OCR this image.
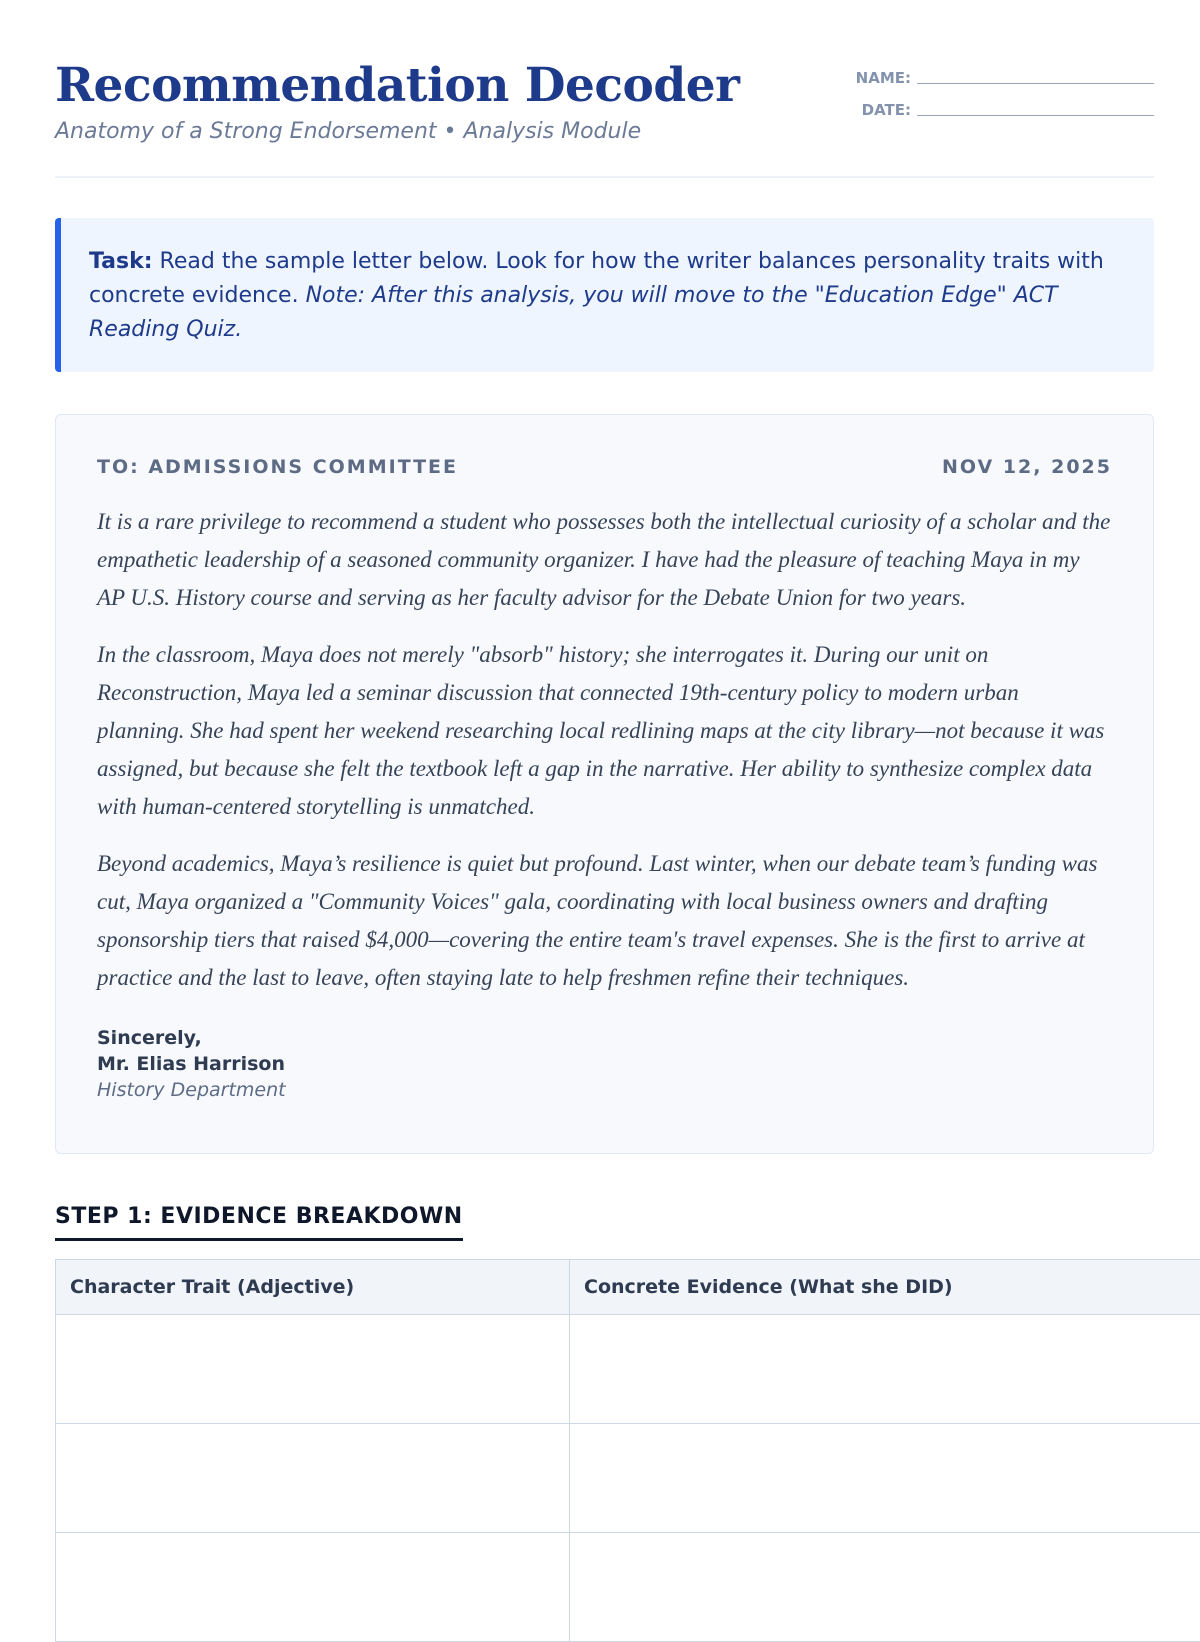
Recommendation Decoder
Anatomy of a Strong Endorsement • Analysis Module
NAME:
DATE:
Task: Read the sample letter below. Look for how the writer balances personality traits with concrete evidence. Note: After this analysis, you will move to the "Education Edge" ACT Reading Quiz.
TO: ADMISSIONS COMMITTEE	NOV 12, 2025

It is a rare privilege to recommend a student who possesses both the intellectual curiosity of a scholar and the empathetic leadership of a seasoned community organizer. I have had the pleasure of teaching Maya in my AP U.S. History course and serving as her faculty advisor for the Debate Union for two years.

In the classroom, Maya does not merely "absorb" history; she interrogates it. During our unit on Reconstruction, Maya led a seminar discussion that connected 19th-century policy to modern urban planning. She had spent her weekend researching local redlining maps at the city library—not because it was assigned, but because she felt the textbook left a gap in the narrative. Her ability to synthesize complex data with human-centered storytelling is unmatched.

Beyond academics, Maya’s resilience is quiet but profound. Last winter, when our debate team’s funding was cut, Maya organized a "Community Voices" gala, coordinating with local business owners and drafting sponsorship tiers that raised $4,000—covering the entire team's travel expenses. She is the first to arrive at practice and the last to leave, often staying late to help freshmen refine their techniques.

Sincerely,
Mr. Elias Harrison
History Department
STEP 1: EVIDENCE BREAKDOWN
Character Trait (Adjective)	Concrete Evidence (What she DID)
